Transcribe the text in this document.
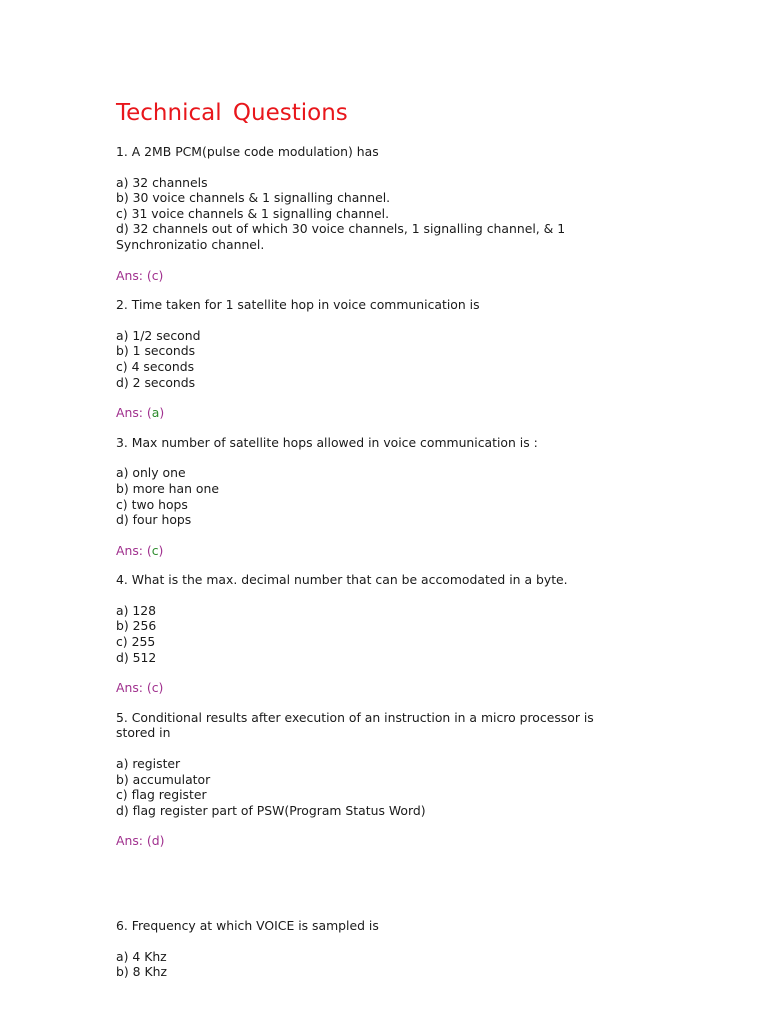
Technical Questions

1. A 2MB PCM(pulse code modulation) has

a) 32 channels

b) 30 voice channels & 1 signalling channel.

c) 31 voice channels & 1 signalling channel.

d) 32 channels out of which 30 voice channels, 1 signalling channel, & 1 Synchronizatio channel.

Ans: (c)

2. Time taken for 1 satellite hop in voice communication is

a) 1/2 second

b) 1 seconds

c) 4 seconds

d) 2 seconds

Ans: (a)

3. Max number of satellite hops allowed in voice communication is :

a) only one

b) more han one

c) two hops

d) four hops

Ans: (c)

4. What is the max. decimal number that can be accomodated in a byte.

a) 128

b) 256

c) 255

d) 512

Ans: (c)

5. Conditional results after execution of an instruction in a micro processor is stored in

a) register

b) accumulator

c) flag register

d) flag register part of PSW(Program Status Word)

Ans: (d)

6. Frequency at which VOICE is sampled is

a) 4 Khz

b) 8 Khz
